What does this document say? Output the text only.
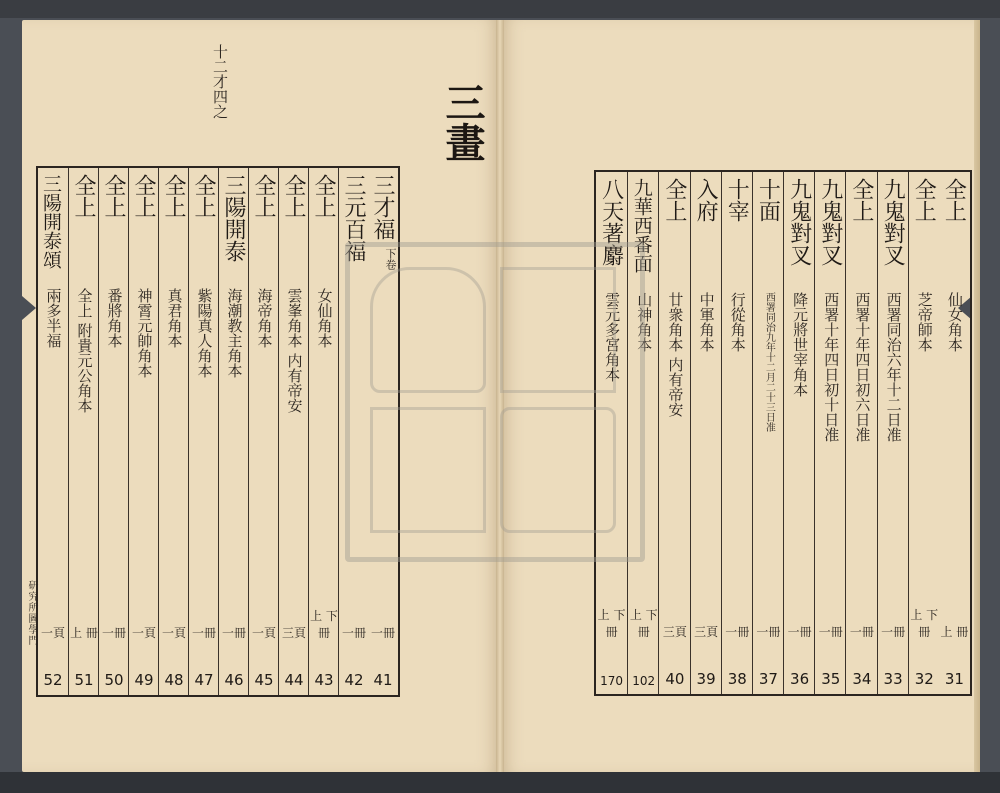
十二才四之
三畫
三才福
下卷
一冊
41
三元百福
一冊
42
全上
女仙角本
上 下冊
43
全上
雲峯角本 内有帝安
三頁
44
全上
海帝角本
一頁
45
三陽開泰
海潮教主角本
一冊
46
全上
紫陽真人角本
一冊
47
全上
真君角本
一頁
48
全上
神霄元帥角本
一頁
49
全上
番將角本
一冊
50
全上
全上 附貴元公角本
上 冊
51
三陽開泰頌
兩多半福
一頁
52
全上
仙女角本
上 冊
31
全上
芝帝師本
上 下冊
32
九鬼對叉
西署同治六年十二日准
一冊
33
全上
西署十年四日初六日准
一冊
34
九鬼對叉
西署十年四日初十日准
一冊
35
九鬼對叉
降元將世宰角本
一冊
36
十面
西署同治九年十二月二十三日准
一冊
37
十宰
行從角本
一冊
38
入府
中軍角本
三頁
39
全上
廿衆角本 内有帝安
三頁
40
九華西番面
山神角本
上 下冊
102
八天著麝
雲元多宮角本
上 下冊
170
研究所圖學門
